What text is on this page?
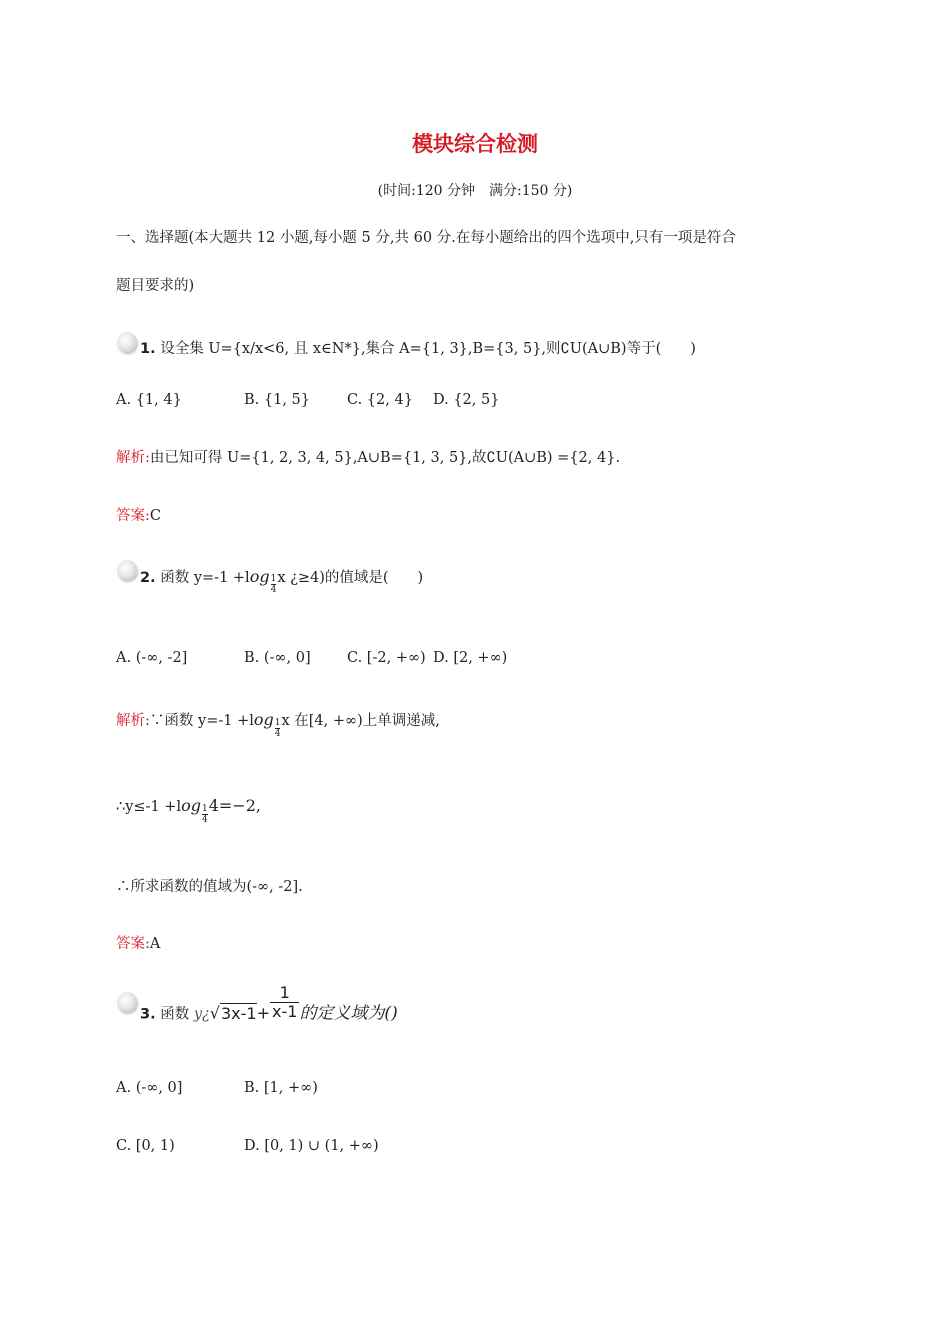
模块综合检测
(时间:120 分钟　满分:150 分)
一、选择题(本大题共 12 小题,每小题 5 分,共 60 分.在每小题给出的四个选项中,只有一项是符合
题目要求的)
1. 设全集 U={x/x<6, 且 x∈N*},集合 A={1, 3},B={3, 5},则∁U(A∪B)等于(　　)
A. {1, 4}	B. {1, 5}	C. {2, 4} D. {2, 5}
解析:由已知可得 U={1, 2, 3, 4, 5},A∪B={1, 3, 5},故∁U(A∪B) ={2, 4}.
答案:C
2. 函数 $y=-1 +\log \frac{1}{4}x$ ¿≥4)的值域是(　　)
A. (-∞, -2]	B. (-∞, 0]	C. [-2, +∞) D. [2, +∞)
解析:∵函数 $y=-1 +\log \frac{1}{4}x$ 在[4, +∞)上单调递减,
∴y≤-1 $+\log \frac{1}{4}4=-2$,
∴所求函数的值域为(-∞, -2].
答案:A
3. 函数 y¿√3x-1+ $\frac{1}{x-1}$ 的定义域为()
A. (-∞, 0]	B. [1, +∞)
C. [0, 1)	D. [0, 1) ∪ (1, +∞)
